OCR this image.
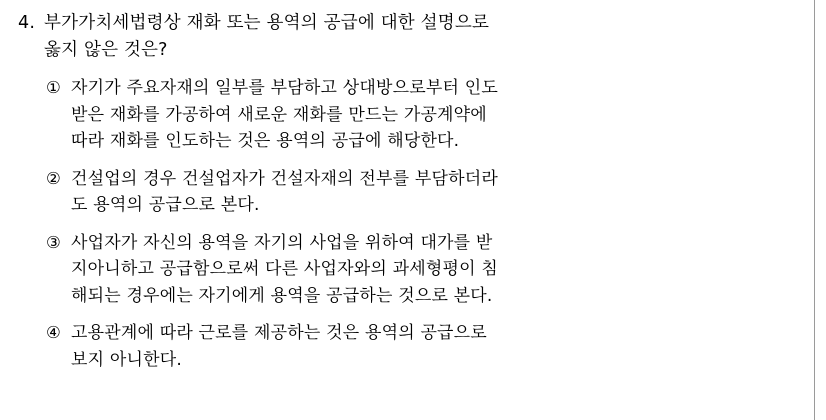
4. 부가가치세법령상 재화 또는 용역의 공급에 대한 설명으로
옳지 않은 것은?
① 자기가 주요자재의 일부를 부담하고 상대방으로부터 인도
받은 재화를 가공하여 새로운 재화를 만드는 가공계약에
따라 재화를 인도하는 것은 용역의 공급에 해당한다.
② 건설업의 경우 건설업자가 건설자재의 전부를 부담하더라
도 용역의 공급으로 본다.
③ 사업자가 자신의 용역을 자기의 사업을 위하여 대가를 받
지아니하고 공급함으로써 다른 사업자와의 과세형평이 침
해되는 경우에는 자기에게 용역을 공급하는 것으로 본다.
④ 고용관계에 따라 근로를 제공하는 것은 용역의 공급으로
보지 아니한다.
